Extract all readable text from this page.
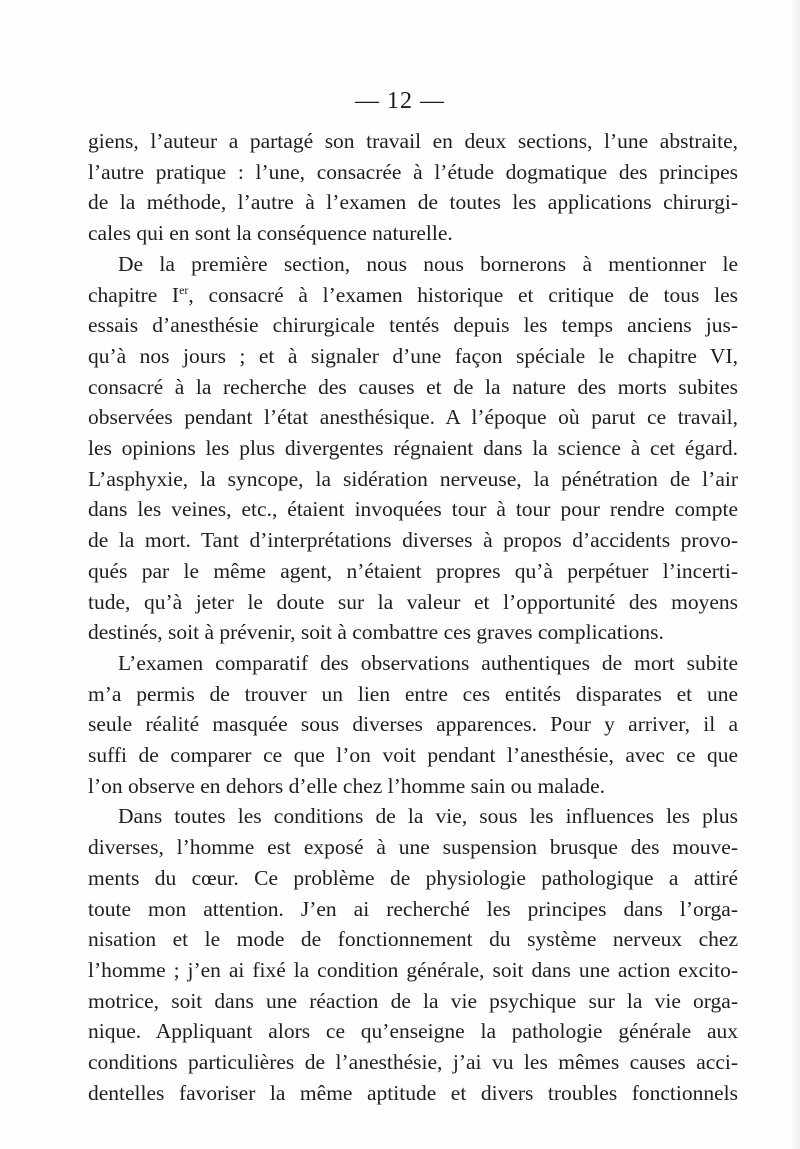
— 12 —
giens, l’auteur a partagé son travail en deux sections, l’une abstraite,
l’autre pratique : l’une, consacrée à l’étude dogmatique des principes
de la méthode, l’autre à l’examen de toutes les applications chirurgi-
cales qui en sont la conséquence naturelle.
De la première section, nous nous bornerons à mentionner le
chapitre Ier, consacré à l’examen historique et critique de tous les
essais d’anesthésie chirurgicale tentés depuis les temps anciens jus-
qu’à nos jours ; et à signaler d’une façon spéciale le chapitre VI,
consacré à la recherche des causes et de la nature des morts subites
observées pendant l’état anesthésique. A l’époque où parut ce travail,
les opinions les plus divergentes régnaient dans la science à cet égard.
L’asphyxie, la syncope, la sidération nerveuse, la pénétration de l’air
dans les veines, etc., étaient invoquées tour à tour pour rendre compte
de la mort. Tant d’interprétations diverses à propos d’accidents provo-
qués par le même agent, n’étaient propres qu’à perpétuer l’incerti-
tude, qu’à jeter le doute sur la valeur et l’opportunité des moyens
destinés, soit à prévenir, soit à combattre ces graves complications.
L’examen comparatif des observations authentiques de mort subite
m’a permis de trouver un lien entre ces entités disparates et une
seule réalité masquée sous diverses apparences. Pour y arriver, il a
suffi de comparer ce que l’on voit pendant l’anesthésie, avec ce que
l’on observe en dehors d’elle chez l’homme sain ou malade.
Dans toutes les conditions de la vie, sous les influences les plus
diverses, l’homme est exposé à une suspension brusque des mouve-
ments du cœur. Ce problème de physiologie pathologique a attiré
toute mon attention. J’en ai recherché les principes dans l’orga-
nisation et le mode de fonctionnement du système nerveux chez
l’homme ; j’en ai fixé la condition générale, soit dans une action excito-
motrice, soit dans une réaction de la vie psychique sur la vie orga-
nique. Appliquant alors ce qu’enseigne la pathologie générale aux
conditions particulières de l’anesthésie, j’ai vu les mêmes causes acci-
dentelles favoriser la même aptitude et divers troubles fonctionnels
